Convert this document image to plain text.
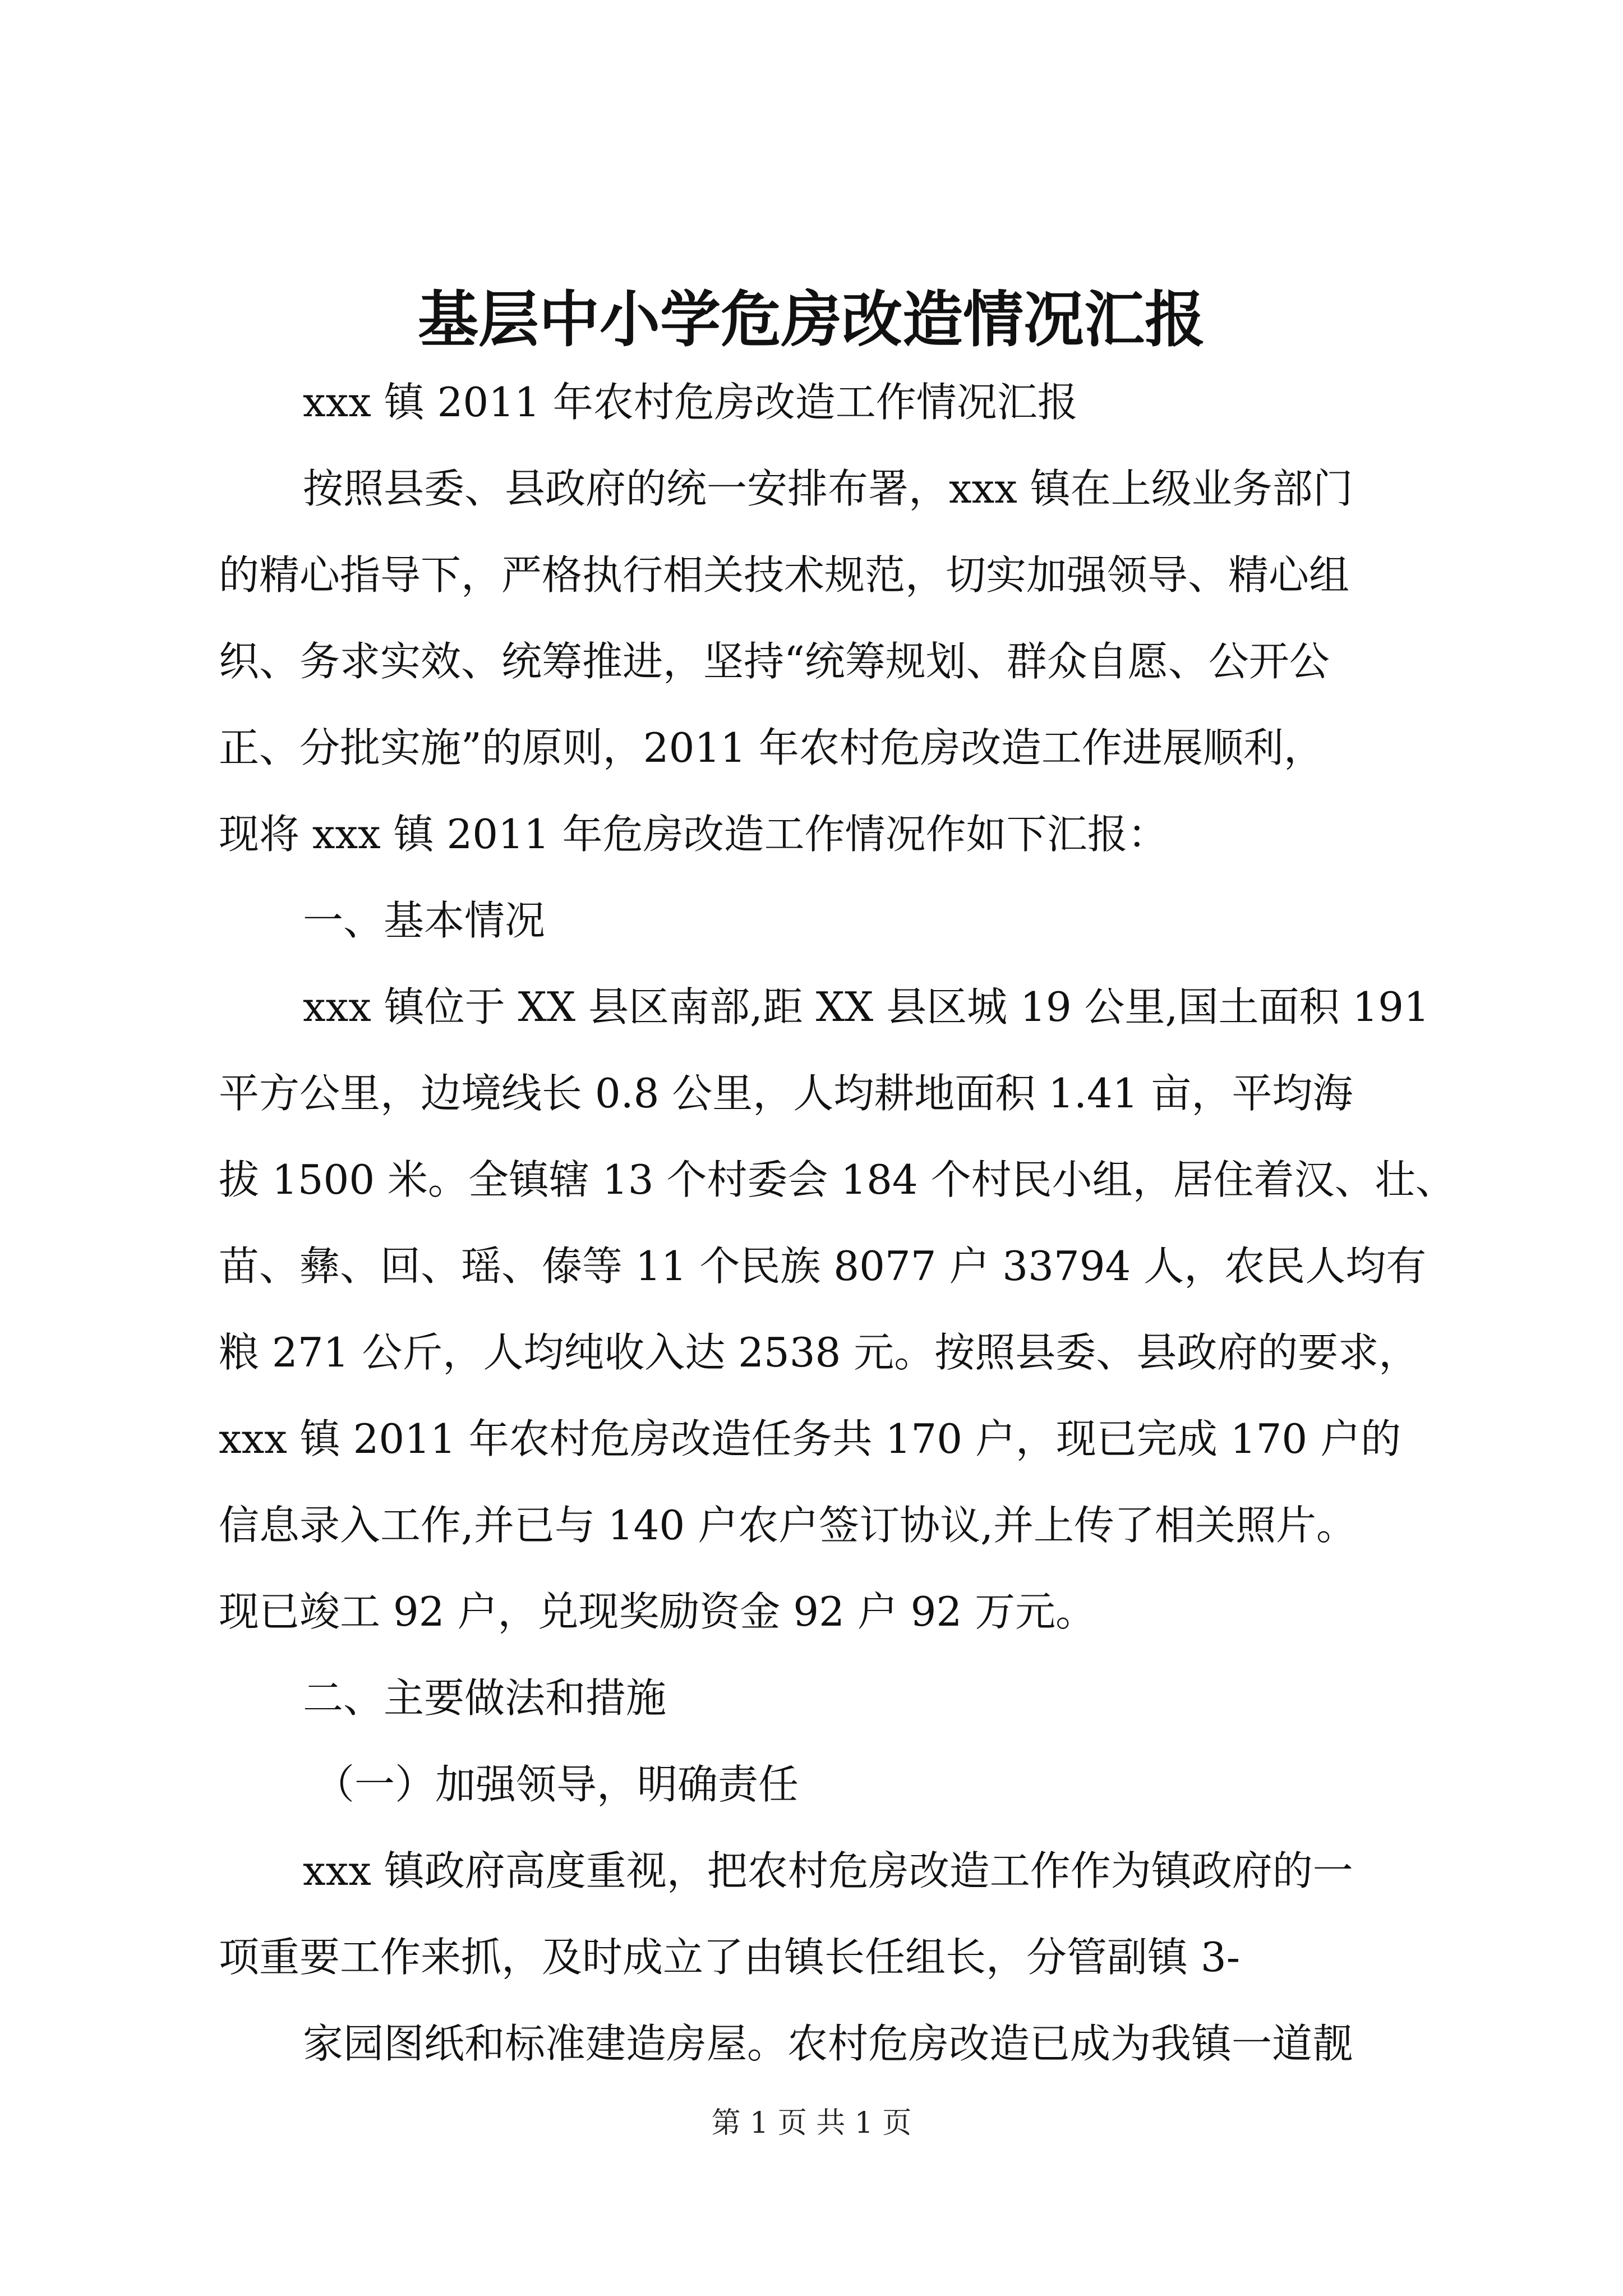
基层中小学危房改造情况汇报
xxx 镇 2011 年农村危房改造工作情况汇报
按照县委、县政府的统一安排布署，xxx 镇在上级业务部门
的精心指导下，严格执行相关技术规范，切实加强领导、精心组
织、务求实效、统筹推进，坚持“统筹规划、群众自愿、公开公
正、分批实施”的原则，2011 年农村危房改造工作进展顺利，
现将 xxx 镇 2011 年危房改造工作情况作如下汇报：
一、基本情况
xxx 镇位于 XX 县区南部,距 XX 县区城 19 公里,国土面积 191
平方公里，边境线长 0.8 公里，人均耕地面积 1.41 亩，平均海
拔 1500 米。全镇辖 13 个村委会 184 个村民小组，居住着汉、壮、
苗、彝、回、瑶、傣等 11 个民族 8077 户 33794 人，农民人均有
粮 271 公斤，人均纯收入达 2538 元。按照县委、县政府的要求，
xxx 镇 2011 年农村危房改造任务共 170 户，现已完成 170 户的
信息录入工作,并已与 140 户农户签订协议,并上传了相关照片。
现已竣工 92 户，兑现奖励资金 92 户 92 万元。
二、主要做法和措施
（一）加强领导，明确责任
xxx 镇政府高度重视，把农村危房改造工作作为镇政府的一
项重要工作来抓，及时成立了由镇长任组长，分管副镇 3-
家园图纸和标准建造房屋。农村危房改造已成为我镇一道靓
第 1 页 共 1 页
